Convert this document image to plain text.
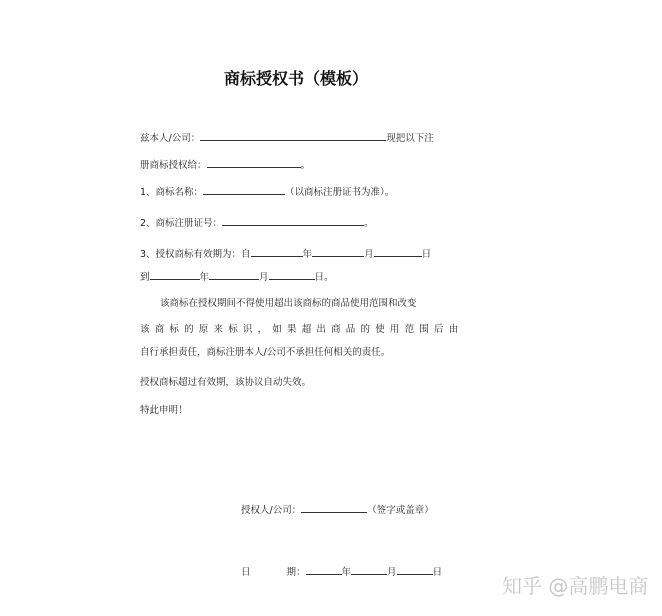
商标授权书（模板）
兹本人/公司：	现把以下注
册商标授权给：	。
1、商标名称：	（以商标注册证书为准）。
2、商标注册证号：	。
3、授权商标有效期为：自	年	月	日
到	年	月	日。
该商标在授权期间不得使用超出该商标的商品使用范围和改变
该商标的原来标识，如果超出商品的使用范围后由
自行承担责任，商标注册本人/公司不承担任何相关的责任。
授权商标超过有效期，该协议自动失效。
特此申明！
授权人/公司：	（签字或盖章）
日	期：	年	月	日
知乎 @高鹏电商
